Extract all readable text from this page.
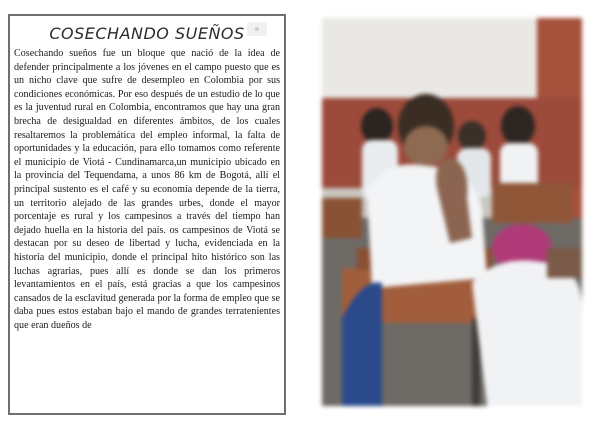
COSECHANDO SUEÑOS
Cosechando sueños fue un bloque que nació de la idea de defender principalmente a los jóvenes en el campo puesto que es un nicho clave que sufre de desempleo en Colombia por sus condiciones económicas. Por eso después de un estudio de lo que es la juventud rural en Colombia, encontramos que hay una gran brecha de desigualdad en diferentes ámbitos, de los cuales resaltaremos la problemática del empleo informal, la falta de oportunidades y la educación, para ello tomamos como referente el municipio de Viotá - Cundinamarca,un municipio ubicado en la provincia del Tequendama, a unos 86 km de Bogotá, allí el principal sustento es el café y su economía depende de la tierra, un territorio alejado de las grandes urbes, donde el mayor porcentaje es rural y los campesinos a través del tiempo han dejado huella en la historia del país. os campesinos de Viotá se destacan por su deseo de libertad y lucha, evidenciada en la historia del municipio, donde el principal hito histórico son las luchas agrarias, pues allí es donde se dan los primeros levantamientos en el país, está gracias a que los campesinos cansados de la esclavitud generada por la forma de empleo que se daba pues estos estaban bajo el mando de grandes terratenientes que eran dueños de
